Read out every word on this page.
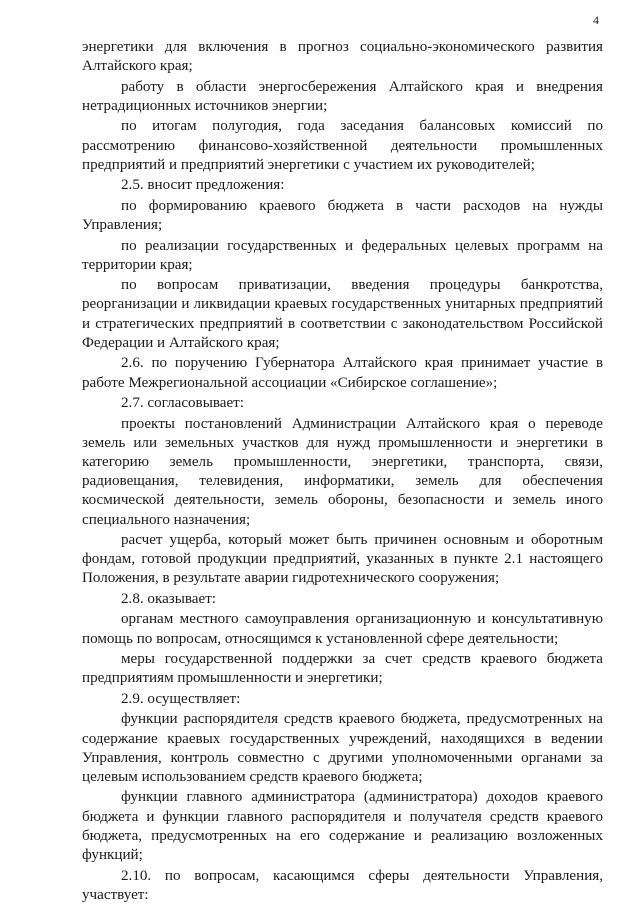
4

энергетики для включения в прогноз социально-экономического развития Алтайского края;

работу в области энергосбережения Алтайского края и внедрения нетрадиционных источников энергии;

по итогам полугодия, года заседания балансовых комиссий по рассмотрению финансово-хозяйственной деятельности промышленных предприятий и предприятий энергетики с участием их руководителей;

2.5. вносит предложения:

по формированию краевого бюджета в части расходов на нужды Управления;

по реализации государственных и федеральных целевых программ на территории края;

по вопросам приватизации, введения процедуры банкротства, реорганизации и ликвидации краевых государственных унитарных предприятий и стратегических предприятий в соответствии с законодательством Российской Федерации и Алтайского края;

2.6. по поручению Губернатора Алтайского края принимает участие в работе Межрегиональной ассоциации «Сибирское соглашение»;

2.7. согласовывает:

проекты постановлений Администрации Алтайского края о переводе земель или земельных участков для нужд промышленности и энергетики в категорию земель промышленности, энергетики, транспорта, связи, радиовещания, телевидения, информатики, земель для обеспечения космической деятельности, земель обороны, безопасности и земель иного специального назначения;

расчет ущерба, который может быть причинен основным и оборотным фондам, готовой продукции предприятий, указанных в пункте 2.1 настоящего Положения, в результате аварии гидротехнического сооружения;

2.8. оказывает:

органам местного самоуправления организационную и консультативную помощь по вопросам, относящимся к установленной сфере деятельности;

меры государственной поддержки за счет средств краевого бюджета предприятиям промышленности и энергетики;

2.9. осуществляет:

функции распорядителя средств краевого бюджета, предусмотренных на содержание краевых государственных учреждений, находящихся в ведении Управления, контроль совместно с другими уполномоченными органами за целевым использованием средств краевого бюджета;

функции главного администратора (администратора) доходов краевого бюджета и функции главного распорядителя и получателя средств краевого бюджета, предусмотренных на его содержание и реализацию возложенных функций;

2.10. по вопросам, касающимся сферы деятельности Управления, участвует:
